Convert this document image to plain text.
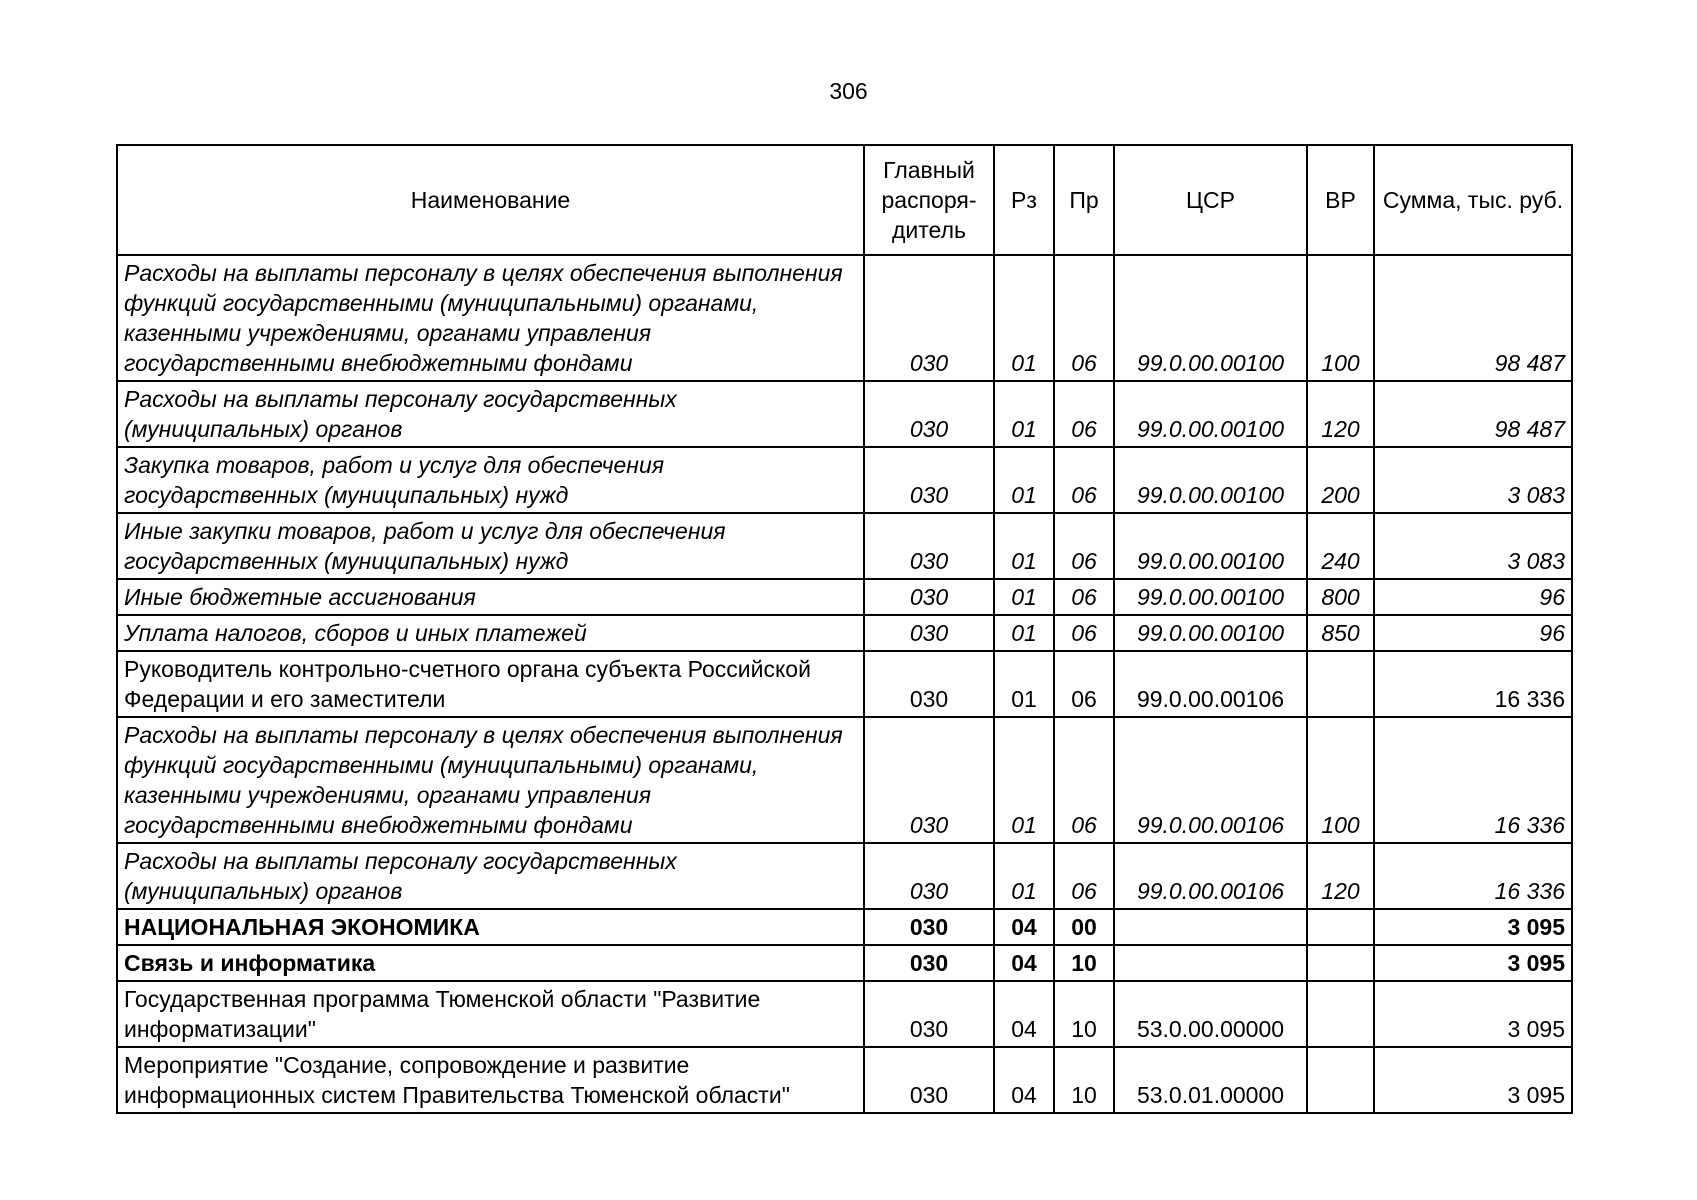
306
Наименование	Главный распоря-дитель	Рз	Пр	ЦСР	ВР	Сумма, тыс. руб.
Расходы на выплаты персоналу в целях обеспечения выполнения функций государственными (муниципальными) органами, казенными учреждениями, органами управления государственными внебюджетными фондами	030	01	06	99.0.00.00100	100	98 487
Расходы на выплаты персоналу государственных (муниципальных) органов	030	01	06	99.0.00.00100	120	98 487
Закупка товаров, работ и услуг для обеспечения государственных (муниципальных) нужд	030	01	06	99.0.00.00100	200	3 083
Иные закупки товаров, работ и услуг для обеспечения государственных (муниципальных) нужд	030	01	06	99.0.00.00100	240	3 083
Иные бюджетные ассигнования	030	01	06	99.0.00.00100	800	96
Уплата налогов, сборов и иных платежей	030	01	06	99.0.00.00100	850	96
Руководитель контрольно-счетного органа субъекта Российской Федерации и его заместители	030	01	06	99.0.00.00106		16 336
Расходы на выплаты персоналу в целях обеспечения выполнения функций государственными (муниципальными) органами, казенными учреждениями, органами управления государственными внебюджетными фондами	030	01	06	99.0.00.00106	100	16 336
Расходы на выплаты персоналу государственных (муниципальных) органов	030	01	06	99.0.00.00106	120	16 336
НАЦИОНАЛЬНАЯ ЭКОНОМИКА	030	04	00			3 095
Связь и информатика	030	04	10			3 095
Государственная программа Тюменской области "Развитие информатизации"	030	04	10	53.0.00.00000		3 095
Мероприятие "Создание, сопровождение и развитие информационных систем Правительства Тюменской области"	030	04	10	53.0.01.00000		3 095
